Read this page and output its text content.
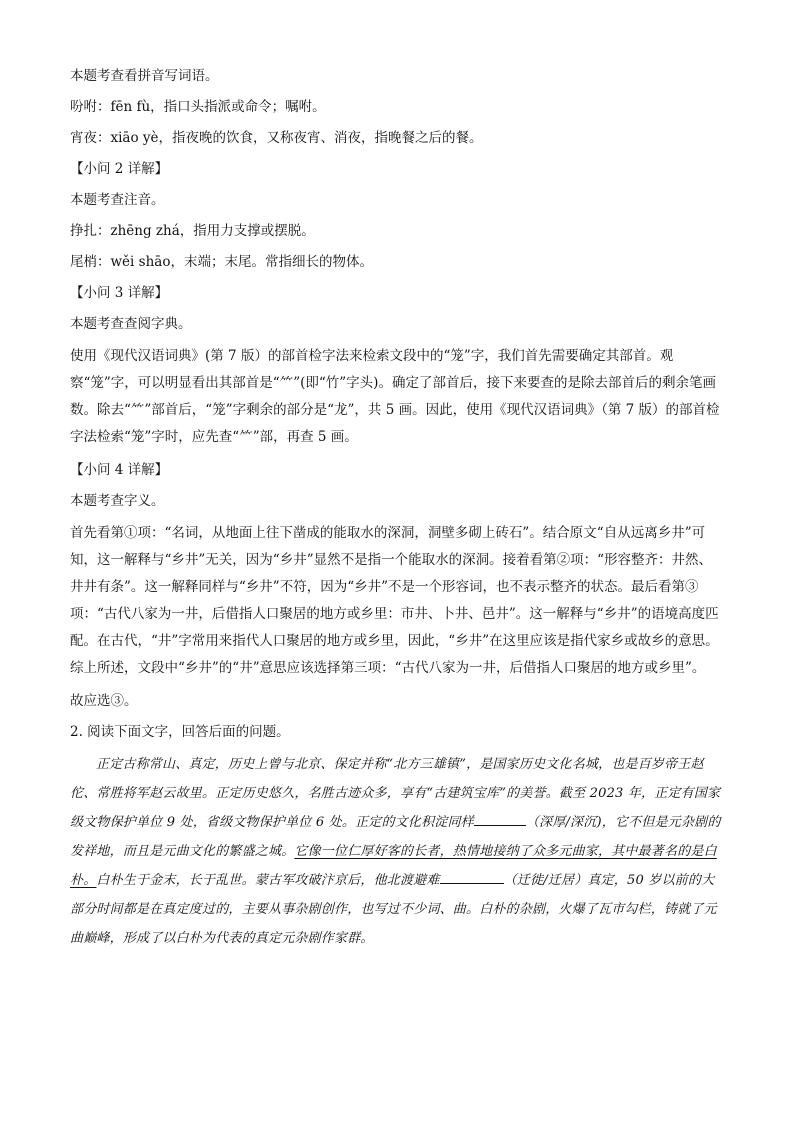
本题考查看拼音写词语。
吩咐：fēn fù，指口头指派或命令；嘱咐。
宵夜：xiāo yè，指夜晚的饮食，又称夜宵、消夜，指晚餐之后的餐。
【小问 2 详解】
本题考查注音。
挣扎：zhēng zhá，指用力支撑或摆脱。
尾梢：wěi shāo，末端；末尾。常指细长的物体。
【小问 3 详解】
本题考查查阅字典。

使用《现代汉语词典》(第 7 版）的部首检字法来检索文段中的“笼”字，我们首先需要确定其部首。观察“笼”字，可以明显看出其部首是“⺮”(即“竹”字头)。确定了部首后，接下来要查的是除去部首后的剩余笔画数。除去“⺮”部首后，“笼”字剩余的部分是“龙”，共 5 画。因此，使用《现代汉语词典》（第 7 版）的部首检字法检索“笼”字时，应先查“⺮”部，再查 5 画。

【小问 4 详解】
本题考查字义。

首先看第①项：“名词，从地面上往下凿成的能取水的深洞，洞壁多砌上砖石”。结合原文“自从远离乡井”可知，这一解释与“乡井”无关，因为“乡井”显然不是指一个能取水的深洞。接着看第②项：“形容整齐：井然、井井有条”。这一解释同样与“乡井”不符，因为“乡井”不是一个形容词，也不表示整齐的状态。最后看第③项：“古代八家为一井，后借指人口聚居的地方或乡里：市井、卜井、邑井”。这一解释与“乡井”的语境高度匹配。在古代，“井”字常用来指代人口聚居的地方或乡里，因此，“乡井”在这里应该是指代家乡或故乡的意思。综上所述，文段中“乡井”的“井”意思应该选择第三项：“古代八家为一井，后借指人口聚居的地方或乡里”。

故应选③。
2. 阅读下面文字，回答后面的问题。

正定古称常山、真定，历史上曾与北京、保定并称“北方三雄镇”，是国家历史文化名城，也是百岁帝王赵佗、常胜将军赵云故里。正定历史悠久，名胜古迹众多，享有“古建筑宝库”的美誉。截至 2023 年，正定有国家级文物保护单位 9 处，省级文物保护单位 6 处。正定的文化积淀同样	（深厚/深沉)，它不但是元杂剧的发祥地，而且是元曲文化的繁盛之城。它像一位仁厚好客的长者，热情地接纳了众多元曲家，其中最著名的是白朴。白朴生于金末，长于乱世。蒙古军攻破汴京后，他北渡避难	（迁徙/迁居）真定，50 岁以前的大部分时间都是在真定度过的，主要从事杂剧创作，也写过不少词、曲。白朴的杂剧，火爆了瓦市勾栏，铸就了元曲巅峰，形成了以白朴为代表的真定元杂剧作家群。
